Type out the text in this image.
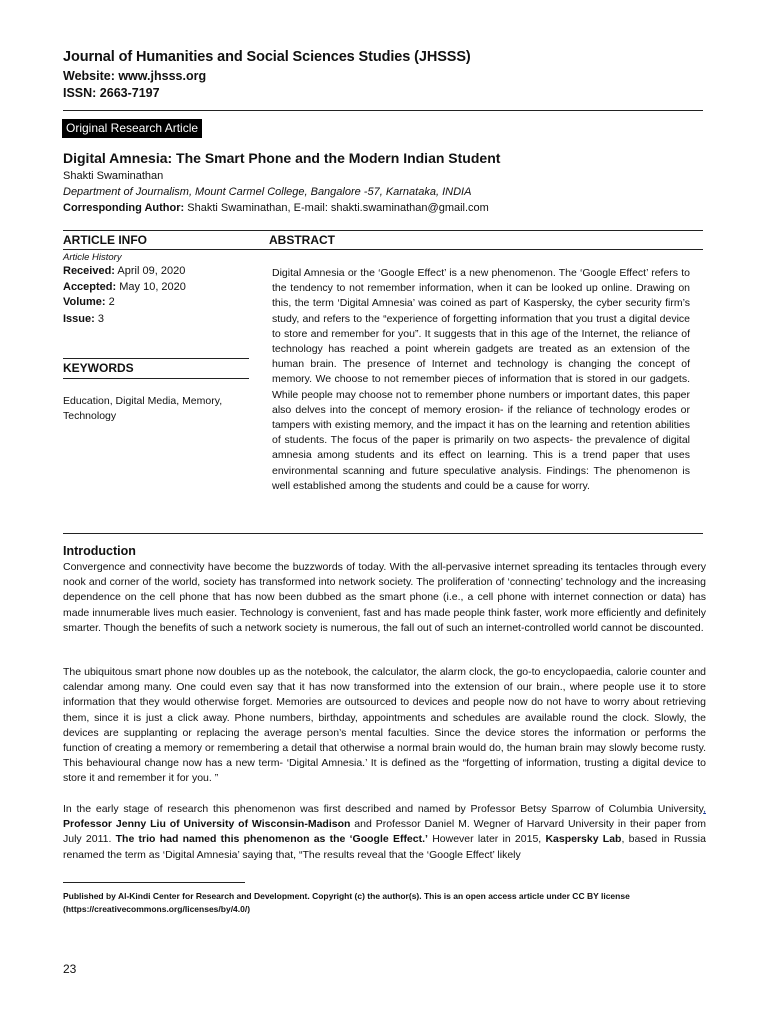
Journal of Humanities and Social Sciences Studies (JHSSS)
Website: www.jhsss.org
ISSN: 2663-7197
Original Research Article
Digital Amnesia: The Smart Phone and the Modern Indian Student
Shakti Swaminathan
Department of Journalism, Mount Carmel College, Bangalore -57, Karnataka, INDIA
Corresponding Author: Shakti Swaminathan, E-mail: shakti.swaminathan@gmail.com
ARTICLE INFO	ABSTRACT
Article History
Received: April 09, 2020
Accepted: May 10, 2020
Volume: 2
Issue: 3
KEYWORDS
Education, Digital Media, Memory, Technology
Digital Amnesia or the ‘Google Effect’ is a new phenomenon. The ‘Google Effect’ refers to the tendency to not remember information, when it can be looked up online. Drawing on this, the term ‘Digital Amnesia’ was coined as part of Kaspersky, the cyber security firm’s study, and refers to the “experience of forgetting information that you trust a digital device to store and remember for you”. It suggests that in this age of the Internet, the reliance of technology has reached a point wherein gadgets are treated as an extension of the human brain. The presence of Internet and technology is changing the concept of memory. We choose to not remember pieces of information that is stored in our gadgets. While people may choose not to remember phone numbers or important dates, this paper also delves into the concept of memory erosion- if the reliance of technology erodes or tampers with existing memory, and the impact it has on the learning and retention abilities of students. The focus of the paper is primarily on two aspects- the prevalence of digital amnesia among students and its effect on learning. This is a trend paper that uses environmental scanning and future speculative analysis. Findings: The phenomenon is well established among the students and could be a cause for worry.
Introduction
Convergence and connectivity have become the buzzwords of today. With the all-pervasive internet spreading its tentacles through every nook and corner of the world, society has transformed into network society. The proliferation of ‘connecting’ technology and the increasing dependence on the cell phone that has now been dubbed as the smart phone (i.e., a cell phone with internet connection or data) has made innumerable lives much easier. Technology is convenient, fast and has made people think faster, work more efficiently and definitely smarter. Though the benefits of such a network society is numerous, the fall out of such an internet-controlled world cannot be discounted.
The ubiquitous smart phone now doubles up as the notebook, the calculator, the alarm clock, the go-to encyclopaedia, calorie counter and calendar among many. One could even say that it has now transformed into the extension of our brain., where people use it to store information that they would otherwise forget. Memories are outsourced to devices and people now do not have to worry about retrieving them, since it is just a click away. Phone numbers, birthday, appointments and schedules are available round the clock. Slowly, the devices are supplanting or replacing the average person’s mental faculties. Since the device stores the information or performs the function of creating a memory or remembering a detail that otherwise a normal brain would do, the human brain may slowly become rusty. This behavioural change now has a new term- ‘Digital Amnesia.’ It is defined as the “forgetting of information, trusting a digital device to store it and remember it for you. ”
In the early stage of research this phenomenon was first described and named by Professor Betsy Sparrow of Columbia University, Professor Jenny Liu of University of Wisconsin-Madison and Professor Daniel M. Wegner of Harvard University in their paper from July 2011. The trio had named this phenomenon as the ‘Google Effect.’ However later in 2015, Kaspersky Lab, based in Russia renamed the term as ‘Digital Amnesia’ saying that, “The results reveal that the ‘Google Effect’ likely
Published by Al-Kindi Center for Research and Development. Copyright (c) the author(s). This is an open access article under CC BY license (https://creativecommons.org/licenses/by/4.0/)
23
